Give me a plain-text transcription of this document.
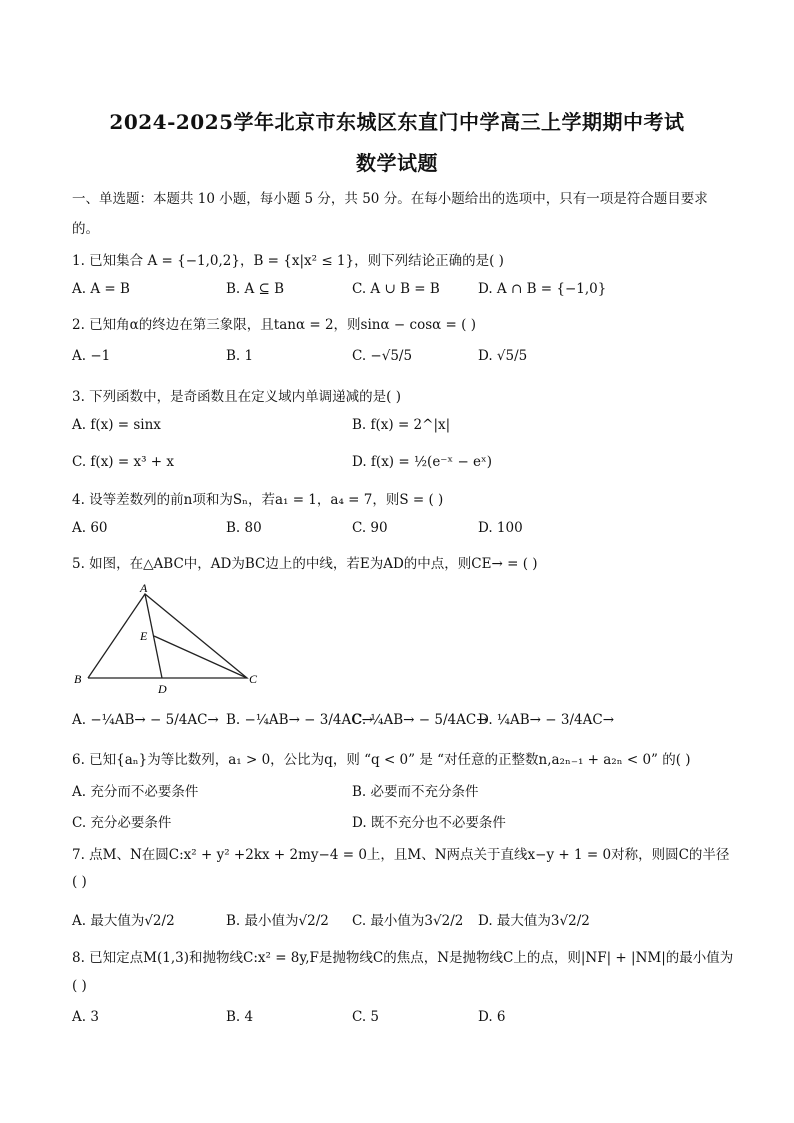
2024-2025学年北京市东城区东直门中学高三上学期期中考试
数学试题
一、单选题：本题共 10 小题，每小题 5 分，共 50 分。在每小题给出的选项中，只有一项是符合题目要求
的。
1. 已知集合 A = {−1,0,2}，B = {x|x² ≤ 1}，则下列结论正确的是( )
A. A = B	B. A ⊆ B	C. A ∪ B = B	D. A ∩ B = {−1,0}
2. 已知角α的终边在第三象限，且tanα = 2，则sinα − cosα = ( )
A. −1	B. 1	C. −√5/5	D. √5/5
3. 下列函数中，是奇函数且在定义域内单调递减的是( )
A. f(x) = sinx	B. f(x) = 2^|x|
C. f(x) = x³ + x	D. f(x) = ½(e⁻ˣ − eˣ)
4. 设等差数列的前n项和为Sₙ，若a₁ = 1，a₄ = 7，则S = ( )
A. 60	B. 80	C. 90	D. 100
5. 如图，在△ABC中，AD为BC边上的中线，若E为AD的中点，则CE→ = ( )
A
B	C
D
E
A. −¼AB→ − 5/4AC→ B. −¼AB→ − 3/4AC→
C. ¼AB→ − 5/4AC→
D. ¼AB→ − 3/4AC→
6. 已知{aₙ}为等比数列，a₁ > 0，公比为q，则 “q < 0” 是 “对任意的正整数n,a₂ₙ₋₁ + a₂ₙ < 0” 的( )
A. 充分而不必要条件	B. 必要而不充分条件
C. 充分必要条件	D. 既不充分也不必要条件
7. 点M、N在圆C:x² + y² +2kx + 2my−4 = 0上，且M、N两点关于直线x−y + 1 = 0对称，则圆C的半径
( )
A. 最大值为√2/2	B. 最小值为√2/2 C. 最小值为3√2/2 D. 最大值为3√2/2
8. 已知定点M(1,3)和抛物线C:x² = 8y,F是抛物线C的焦点，N是抛物线C上的点，则|NF| + |NM|的最小值为
( )
A. 3	B. 4	C. 5	D. 6
